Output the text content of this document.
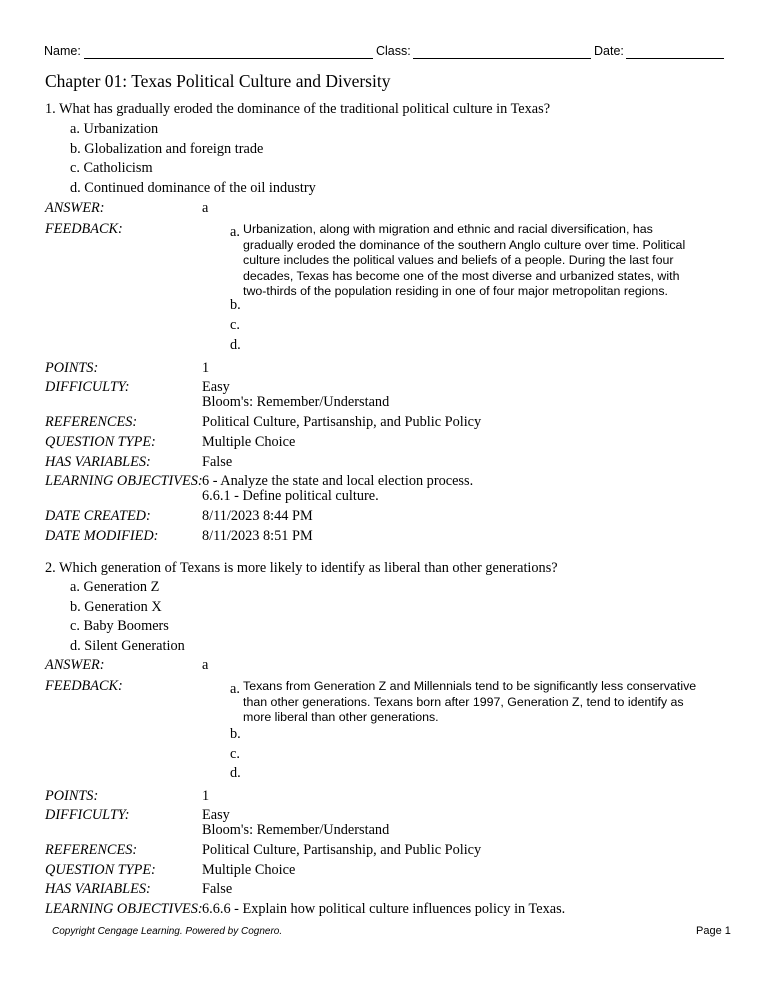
Name:	Class:	Date:
Chapter 01: Texas Political Culture and Diversity
1. What has gradually eroded the dominance of the traditional political culture in Texas?
a. Urbanization
b. Globalization and foreign trade
c. Catholicism
d. Continued dominance of the oil industry
ANSWER:	a
FEEDBACK:	a. Urbanization, along with migration and ethnic and racial diversification, has gradually eroded the dominance of the southern Anglo culture over time. Political culture includes the political values and beliefs of a people. During the last four decades, Texas has become one of the most diverse and urbanized states, with two-thirds of the population residing in one of four major metropolitan regions.
b.
c.
d.
POINTS:	1
DIFFICULTY:	Easy
Bloom's: Remember/Understand
REFERENCES:	Political Culture, Partisanship, and Public Policy
QUESTION TYPE:	Multiple Choice
HAS VARIABLES:	False
LEARNING OBJECTIVES: 6 - Analyze the state and local election process.
6.6.1 - Define political culture.
DATE CREATED:	8/11/2023 8:44 PM
DATE MODIFIED:	8/11/2023 8:51 PM
2. Which generation of Texans is more likely to identify as liberal than other generations?
a. Generation Z
b. Generation X
c. Baby Boomers
d. Silent Generation
ANSWER:	a
FEEDBACK:	a. Texans from Generation Z and Millennials tend to be significantly less conservative than other generations. Texans born after 1997, Generation Z, tend to identify as more liberal than other generations.
b.
c.
d.
POINTS:	1
DIFFICULTY:	Easy
Bloom's: Remember/Understand
REFERENCES:	Political Culture, Partisanship, and Public Policy
QUESTION TYPE:	Multiple Choice
HAS VARIABLES:	False
LEARNING OBJECTIVES: 6.6.6 - Explain how political culture influences policy in Texas.
Copyright Cengage Learning. Powered by Cognero.	Page 1
